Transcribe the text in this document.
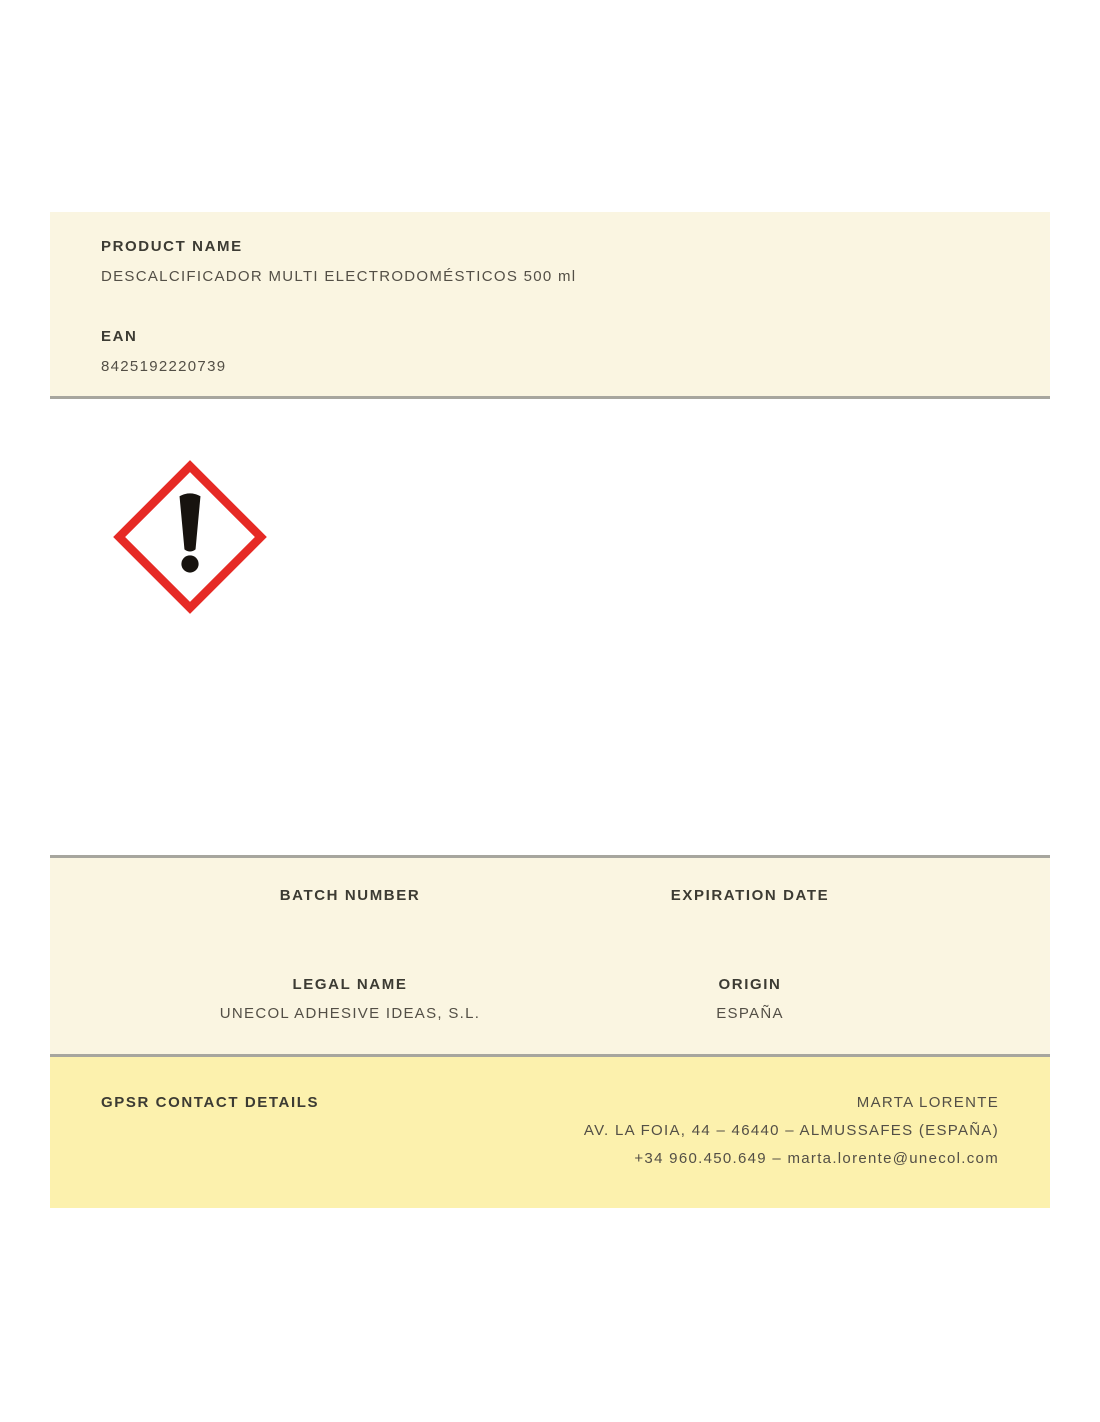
PRODUCT NAME
DESCALCIFICADOR MULTI ELECTRODOMÉSTICOS 500 ml
EAN
8425192220739
BATCH NUMBER	EXPIRATION DATE
LEGAL NAME
UNECOL ADHESIVE IDEAS, S.L.
ORIGIN
ESPAÑA
GPSR CONTACT DETAILS	MARTA LORENTE
AV. LA FOIA, 44 – 46440 – ALMUSSAFES (ESPAÑA)
+34 960.450.649 – marta.lorente@unecol.com
